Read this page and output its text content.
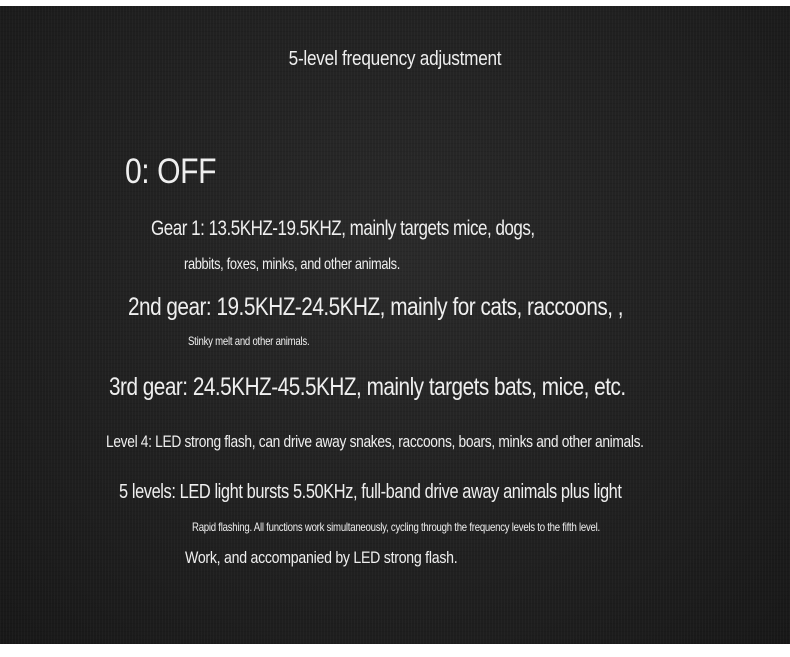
5-level frequency adjustment
0: OFF
Gear 1: 13.5KHZ-19.5KHZ, mainly targets mice, dogs,
rabbits, foxes, minks, and other animals.
2nd gear: 19.5KHZ-24.5KHZ, mainly for cats, raccoons, ,
Stinky melt and other animals.
3rd gear: 24.5KHZ-45.5KHZ, mainly targets bats, mice, etc.
Level 4: LED strong flash, can drive away snakes, raccoons, boars, minks and other animals.
5 levels: LED light bursts 5.50KHz, full-band drive away animals plus light
Rapid flashing. All functions work simultaneously, cycling through the frequency levels to the fifth level.
Work, and accompanied by LED strong flash.
